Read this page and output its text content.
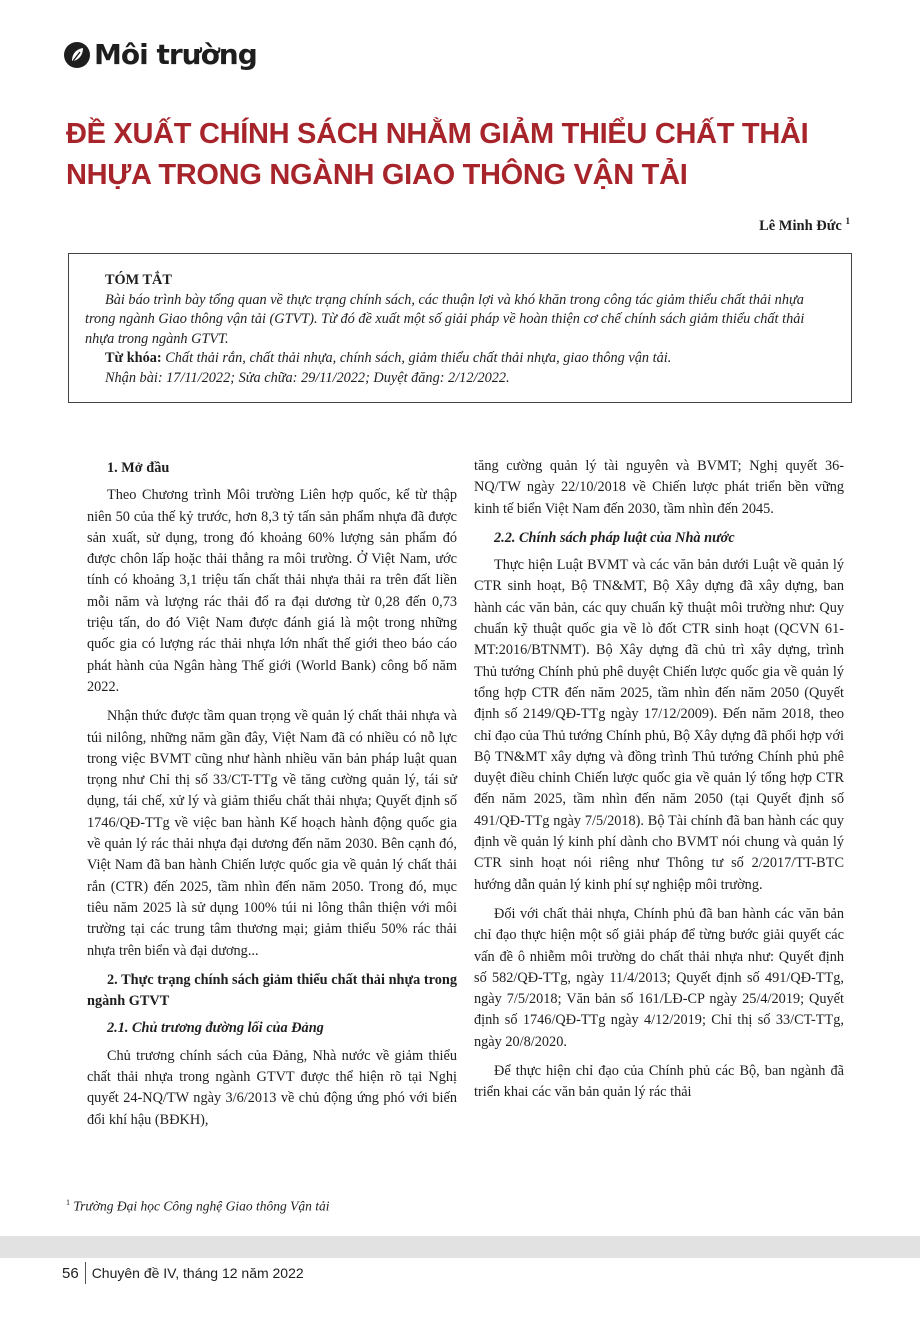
Môi trường
ĐỀ XUẤT CHÍNH SÁCH NHẰM GIẢM THIỂU CHẤT THẢI NHỰA TRONG NGÀNH GIAO THÔNG VẬN TẢI
Lê Minh Đức $^1$
TÓM TẮT

Bài báo trình bày tổng quan về thực trạng chính sách, các thuận lợi và khó khăn trong công tác giảm thiểu chất thải nhựa trong ngành Giao thông vận tải (GTVT). Từ đó đề xuất một số giải pháp về hoàn thiện cơ chế chính sách giảm thiểu chất thải nhựa trong ngành GTVT.

Từ khóa: Chất thải rắn, chất thải nhựa, chính sách, giảm thiểu chất thải nhựa, giao thông vận tải.

Nhận bài: 17/11/2022; Sửa chữa: 29/11/2022; Duyệt đăng: 2/12/2022.

1. Mở đầu

Theo Chương trình Môi trường Liên hợp quốc, kể từ thập niên 50 của thế kỷ trước, hơn 8,3 tỷ tấn sản phẩm nhựa đã được sản xuất, sử dụng, trong đó khoảng 60% lượng sản phẩm đó được chôn lấp hoặc thải thẳng ra môi trường. Ở Việt Nam, ước tính có khoảng 3,1 triệu tấn chất thải nhựa thải ra trên đất liền mỗi năm và lượng rác thải đổ ra đại dương từ 0,28 đến 0,73 triệu tấn, do đó Việt Nam được đánh giá là một trong những quốc gia có lượng rác thải nhựa lớn nhất thế giới theo báo cáo phát hành của Ngân hàng Thế giới (World Bank) công bố năm 2022.

Nhận thức được tầm quan trọng về quản lý chất thải nhựa và túi nilông, những năm gần đây, Việt Nam đã có nhiều có nỗ lực trong việc BVMT cũng như hành nhiều văn bản pháp luật quan trọng như Chỉ thị số 33/CT-TTg về tăng cường quản lý, tái sử dụng, tái chế, xử lý và giảm thiểu chất thải nhựa; Quyết định số 1746/QĐ-TTg về việc ban hành Kế hoạch hành động quốc gia về quản lý rác thải nhựa đại dương đến năm 2030. Bên cạnh đó, Việt Nam đã ban hành Chiến lược quốc gia về quản lý chất thải rắn (CTR) đến 2025, tầm nhìn đến năm 2050. Trong đó, mục tiêu năm 2025 là sử dụng 100% túi ni lông thân thiện với môi trường tại các trung tâm thương mại; giảm thiểu 50% rác thải nhựa trên biển và đại dương...

2. Thực trạng chính sách giảm thiểu chất thải nhựa trong ngành GTVT
2.1. Chủ trương đường lối của Đảng

Chủ trương chính sách của Đảng, Nhà nước về giảm thiểu chất thải nhựa trong ngành GTVT được thể hiện rõ tại Nghị quyết 24-NQ/TW ngày 3/6/2013 về chủ động ứng phó với biến đổi khí hậu (BĐKH),

tăng cường quản lý tài nguyên và BVMT; Nghị quyết 36-NQ/TW ngày 22/10/2018 về Chiến lược phát triển bền vững kinh tế biển Việt Nam đến 2030, tầm nhìn đến 2045.

2.2. Chính sách pháp luật của Nhà nước

Thực hiện Luật BVMT và các văn bản dưới Luật về quản lý CTR sinh hoạt, Bộ TN&MT, Bộ Xây dựng đã xây dựng, ban hành các văn bản, các quy chuẩn kỹ thuật môi trường như: Quy chuẩn kỹ thuật quốc gia về lò đốt CTR sinh hoạt (QCVN 61-MT:2016/BTNMT). Bộ Xây dựng đã chủ trì xây dựng, trình Thủ tướng Chính phủ phê duyệt Chiến lược quốc gia về quản lý tổng hợp CTR đến năm 2025, tầm nhìn đến năm 2050 (Quyết định số 2149/QĐ-TTg ngày 17/12/2009). Đến năm 2018, theo chỉ đạo của Thủ tướng Chính phủ, Bộ Xây dựng đã phối hợp với Bộ TN&MT xây dựng và đồng trình Thủ tướng Chính phủ phê duyệt điều chỉnh Chiến lược quốc gia về quản lý tổng hợp CTR đến năm 2025, tầm nhìn đến năm 2050 (tại Quyết định số 491/QĐ-TTg ngày 7/5/2018). Bộ Tài chính đã ban hành các quy định về quản lý kinh phí dành cho BVMT nói chung và quản lý CTR sinh hoạt nói riêng như Thông tư số 2/2017/TT-BTC hướng dẫn quản lý kinh phí sự nghiệp môi trường.

Đối với chất thải nhựa, Chính phủ đã ban hành các văn bản chỉ đạo thực hiện một số giải pháp để từng bước giải quyết các vấn đề ô nhiễm môi trường do chất thải nhựa như: Quyết định số 582/QĐ-TTg, ngày 11/4/2013; Quyết định số 491/QĐ-TTg, ngày 7/5/2018; Văn bản số 161/LĐ-CP ngày 25/4/2019; Quyết định số 1746/QĐ-TTg ngày 4/12/2019; Chỉ thị số 33/CT-TTg, ngày 20/8/2020.

Để thực hiện chỉ đạo của Chính phủ các Bộ, ban ngành đã triển khai các văn bản quản lý rác thải

$^1$ Trường Đại học Công nghệ Giao thông Vận tải
56 Chuyên đề IV, tháng 12 năm 2022
